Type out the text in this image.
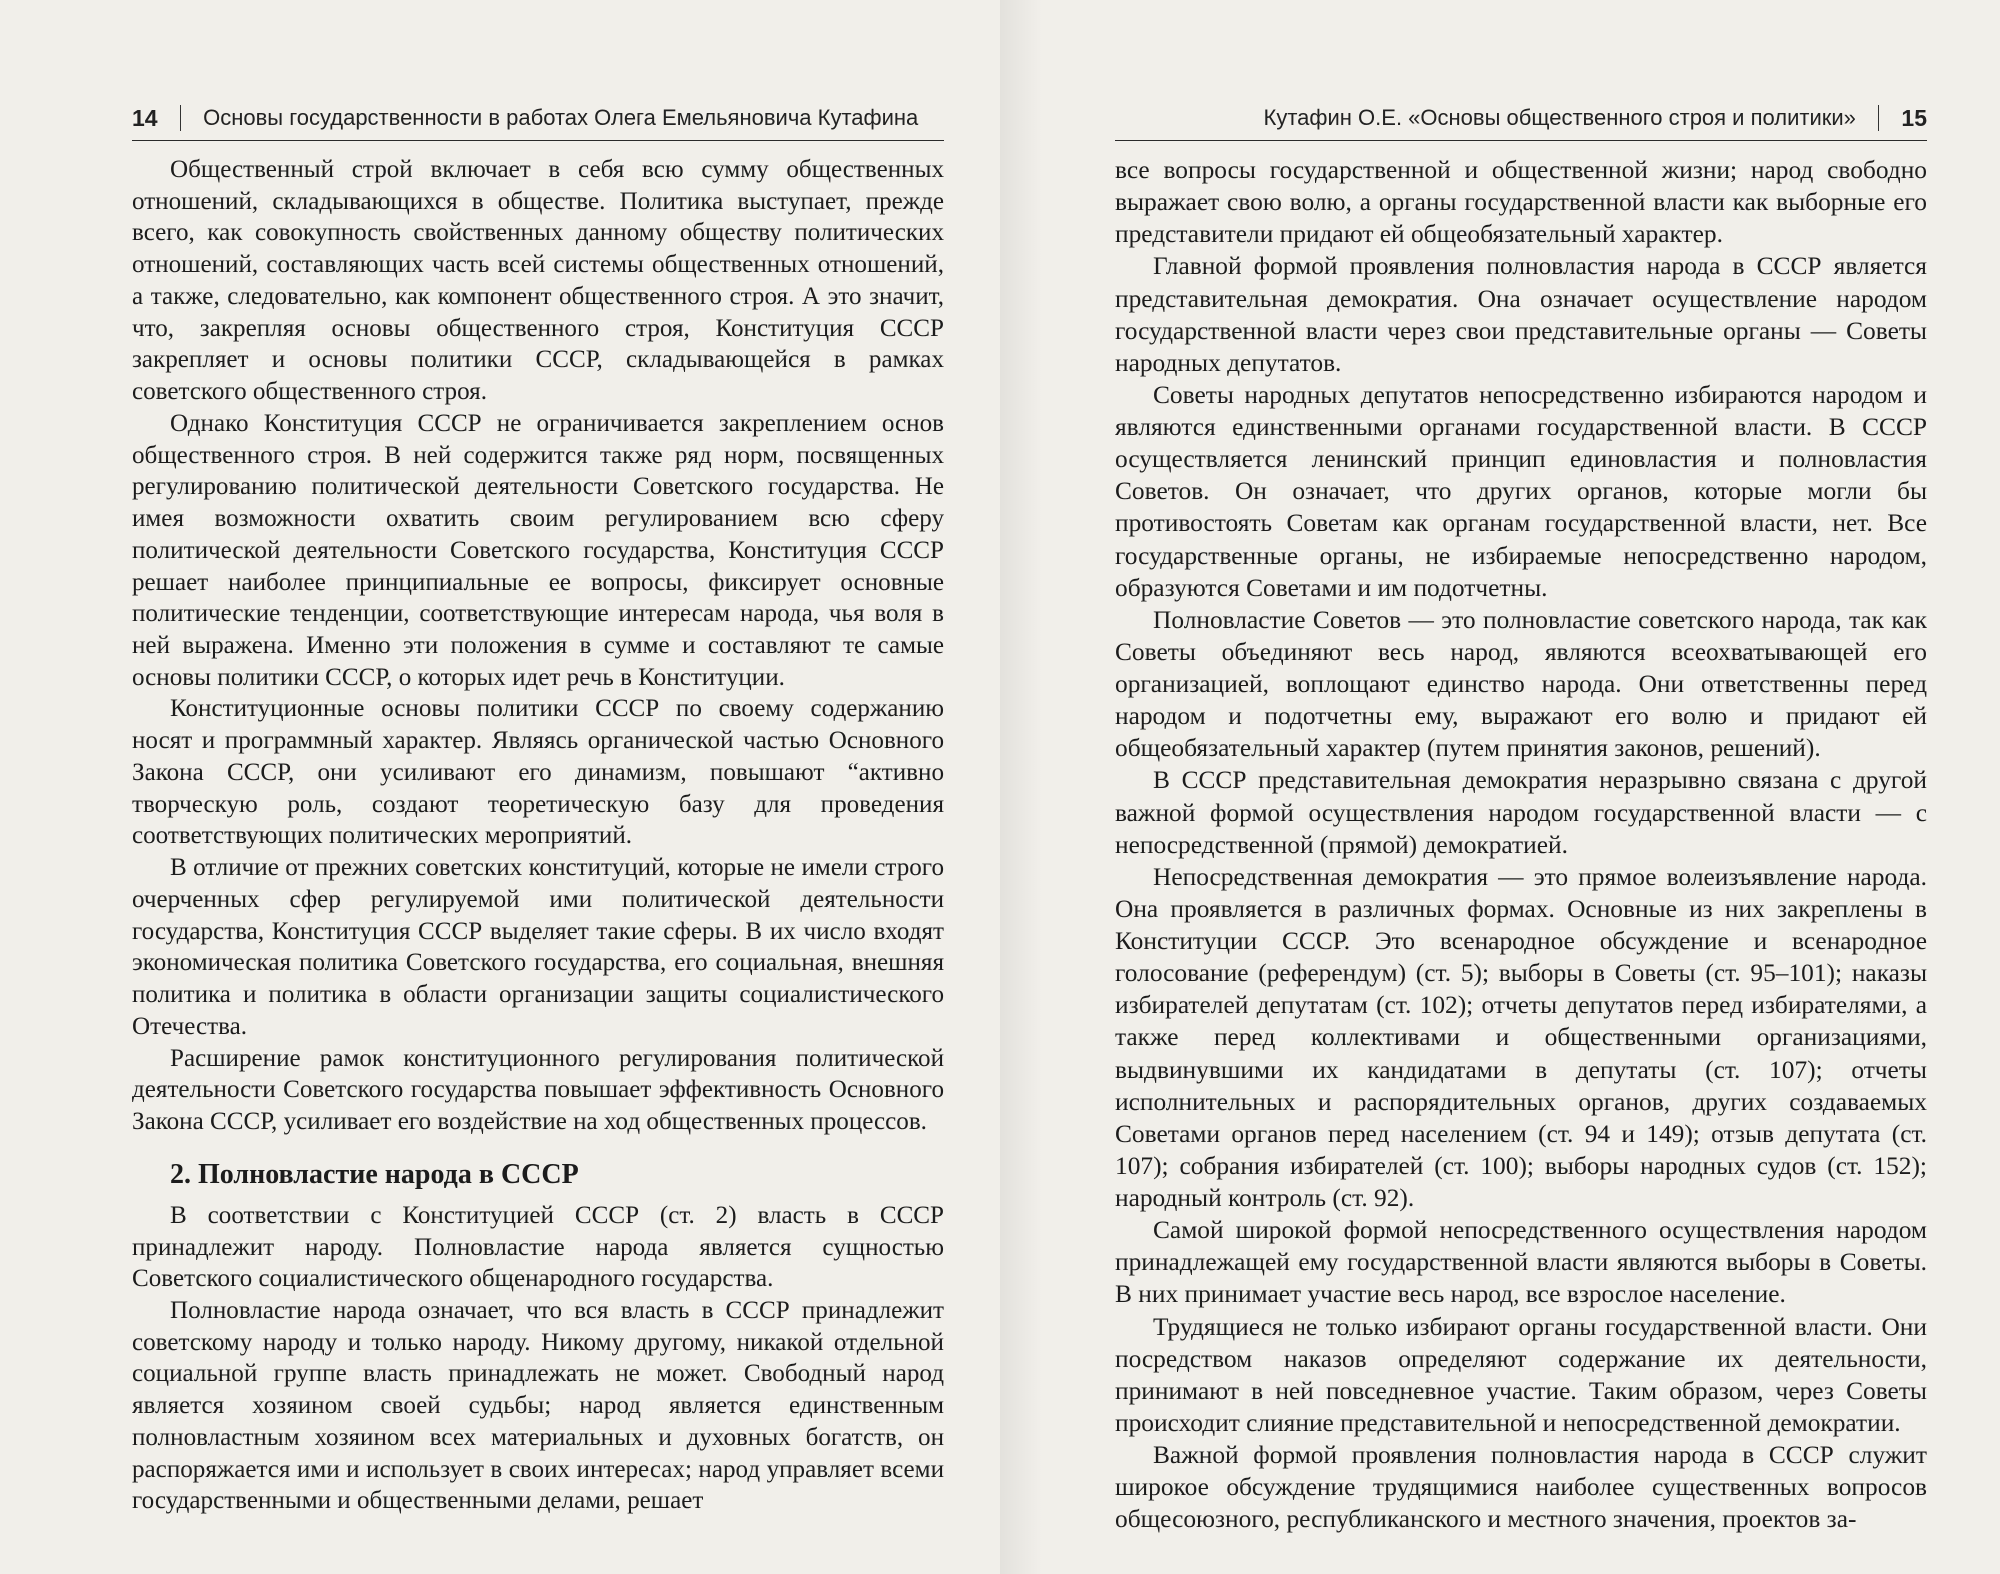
14 Основы государственности в работах Олега Емельяновича Кутафина

Общественный строй включает в себя всю сумму общественных отношений, складывающихся в обществе. Политика выступает, прежде всего, как совокупность свойственных данному обществу политических отношений, составляющих часть всей системы общественных отношений, а также, следовательно, как компонент общественного строя. А это значит, что, закрепляя основы общественного строя, Конституция СССР закрепляет и основы политики СССР, складывающейся в рамках советского общественного строя.

Однако Конституция СССР не ограничивается закреплением основ общественного строя. В ней содержится также ряд норм, посвященных регулированию политической деятельности Советского государства. Не имея возможности охватить своим регулированием всю сферу политической деятельности Советского государства, Конституция СССР решает наиболее принципиальные ее вопросы, фиксирует основные политические тенденции, соответствующие интересам народа, чья воля в ней выражена. Именно эти положения в сумме и составляют те самые основы политики СССР, о которых идет речь в Конституции.

Конституционные основы политики СССР по своему содержанию носят и программный характер. Являясь органической частью Основного Закона СССР, они усиливают его динамизм, повышают “активно творческую роль, создают теоретическую базу для проведения соответствующих политических мероприятий.

В отличие от прежних советских конституций, которые не имели строго очерченных сфер регулируемой ими политической деятельности государства, Конституция СССР выделяет такие сферы. В их число входят экономическая политика Советского государства, его социальная, внешняя политика и политика в области организации защиты социалистического Отечества.

Расширение рамок конституционного регулирования политической деятельности Советского государства повышает эффективность Основного Закона СССР, усиливает его воздействие на ход общественных процессов.

2. Полновластие народа в СССР

В соответствии с Конституцией СССР (ст. 2) власть в СССР принадлежит народу. Полновластие народа является сущностью Советского социалистического общенародного государства.

Полновластие народа означает, что вся власть в СССР принадлежит советскому народу и только народу. Никому другому, никакой отдельной социальной группе власть принадлежать не может. Свободный народ является хозяином своей судьбы; народ является единственным полновластным хозяином всех материальных и духовных богатств, он распоряжается ими и использует в своих интересах; народ управляет всеми государственными и общественными делами, решает

Кутафин О.Е. «Основы общественного строя и политики» 15

все вопросы государственной и общественной жизни; народ свободно выражает свою волю, а органы государственной власти как выборные его представители придают ей общеобязательный характер.

Главной формой проявления полновластия народа в СССР является представительная демократия. Она означает осуществление народом государственной власти через свои представительные органы — Советы народных депутатов.

Советы народных депутатов непосредственно избираются народом и являются единственными органами государственной власти. В СССР осуществляется ленинский принцип единовластия и полновластия Советов. Он означает, что других органов, которые могли бы противостоять Советам как органам государственной власти, нет. Все государственные органы, не избираемые непосредственно народом, образуются Советами и им подотчетны.

Полновластие Советов — это полновластие советского народа, так как Советы объединяют весь народ, являются всеохватывающей его организацией, воплощают единство народа. Они ответственны перед народом и подотчетны ему, выражают его волю и придают ей общеобязательный характер (путем принятия законов, решений).

В СССР представительная демократия неразрывно связана с другой важной формой осуществления народом государственной власти — с непосредственной (прямой) демократией.

Непосредственная демократия — это прямое волеизъявление народа. Она проявляется в различных формах. Основные из них закреплены в Конституции СССР. Это всенародное обсуждение и всенародное голосование (референдум) (ст. 5); выборы в Советы (ст. 95–101); наказы избирателей депутатам (ст. 102); отчеты депутатов перед избирателями, а также перед коллективами и общественными организациями, выдвинувшими их кандидатами в депутаты (ст. 107); отчеты исполнительных и распорядительных органов, других создаваемых Советами органов перед населением (ст. 94 и 149); отзыв депутата (ст. 107); собрания избирателей (ст. 100); выборы народных судов (ст. 152); народный контроль (ст. 92).

Самой широкой формой непосредственного осуществления народом принадлежащей ему государственной власти являются выборы в Советы. В них принимает участие весь народ, все взрослое население.

Трудящиеся не только избирают органы государственной власти. Они посредством наказов определяют содержание их деятельности, принимают в ней повседневное участие. Таким образом, через Советы происходит слияние представительной и непосредственной демократии.

Важной формой проявления полновластия народа в СССР служит широкое обсуждение трудящимися наиболее существенных вопросов общесоюзного, республиканского и местного значения, проектов за-
